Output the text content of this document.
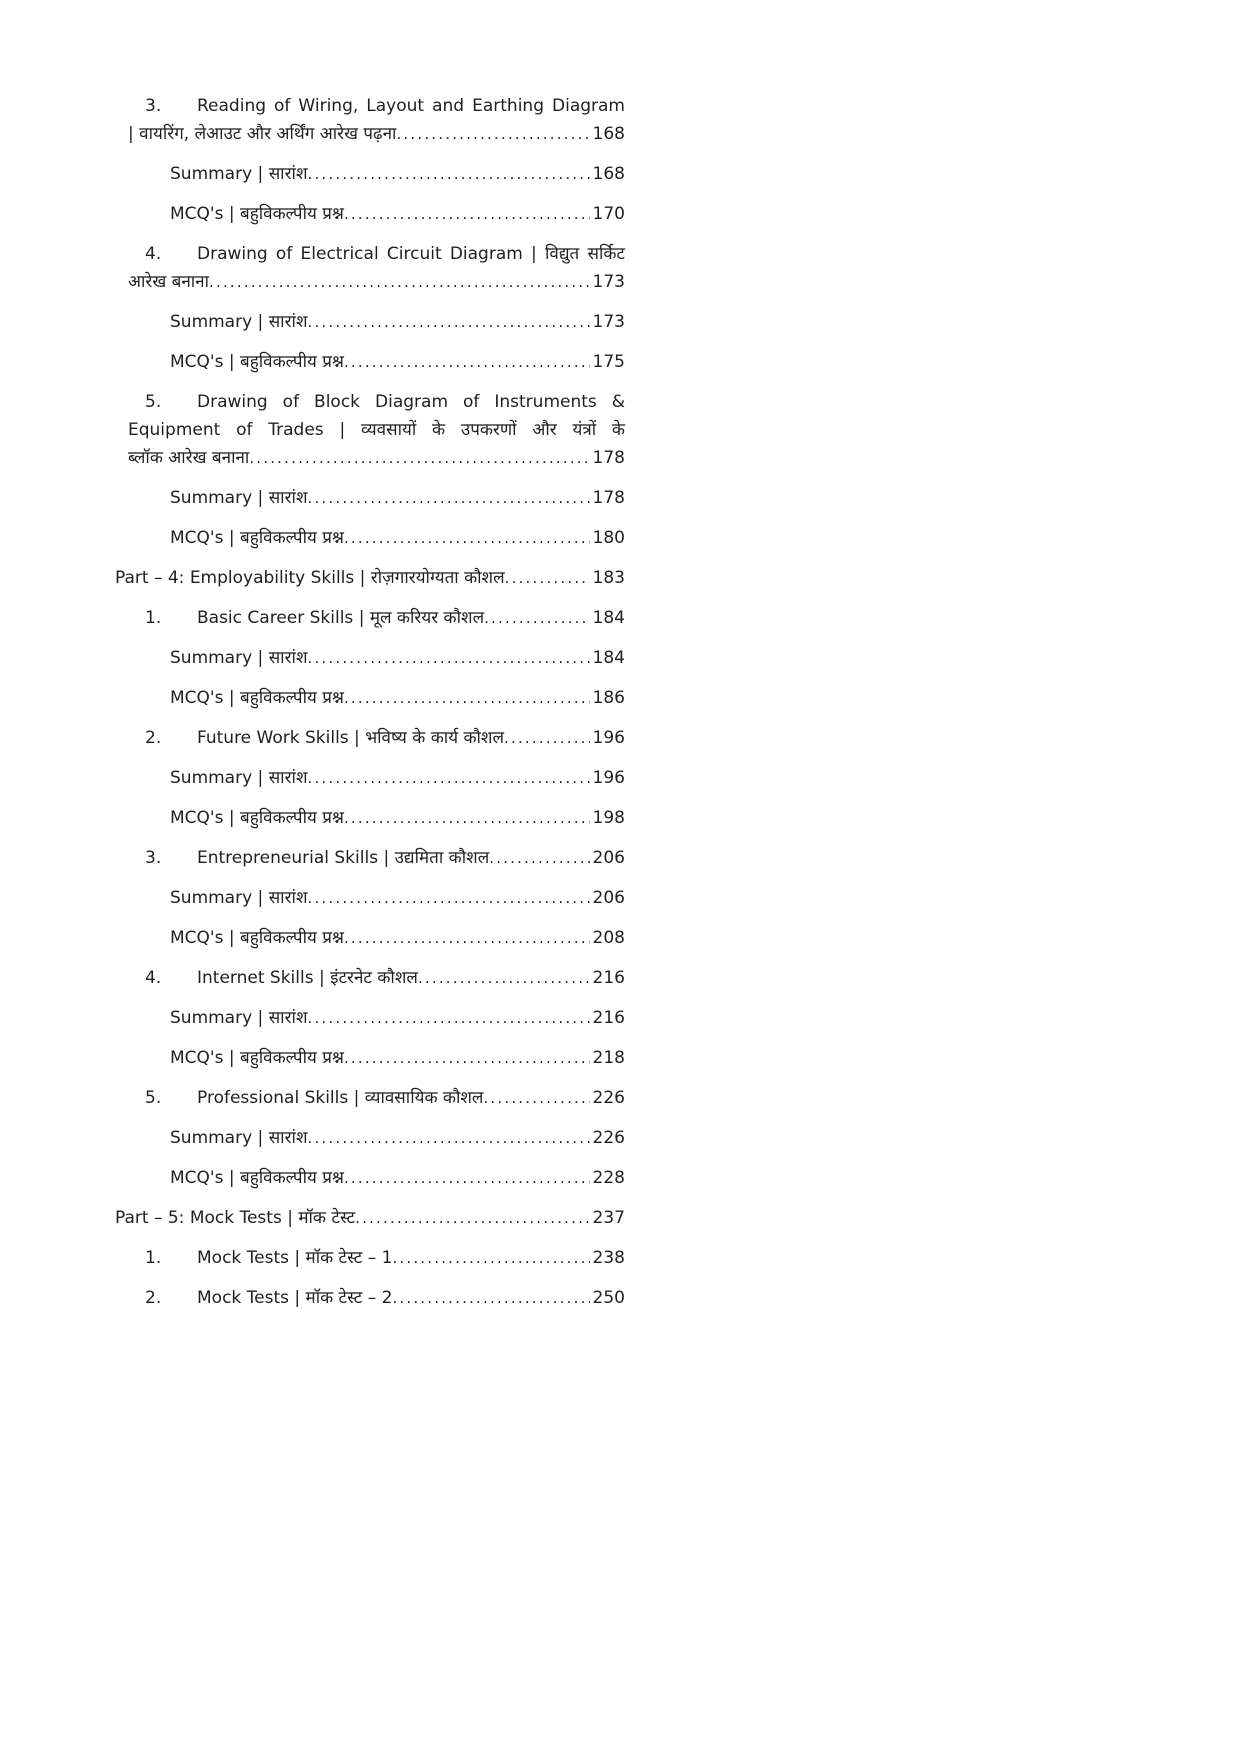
3. Reading of Wiring, Layout and Earthing Diagram
| वायरिंग, लेआउट और अर्थिंग आरेख पढ़ना .....	168
Summary | सारांश .....	168
MCQ's | बहुविकल्पीय प्रश्न .....	170
4. Drawing of Electrical Circuit Diagram | विद्युत सर्किट
आरेख बनाना .....	173
Summary | सारांश .....	173
MCQ's | बहुविकल्पीय प्रश्न .....	175
5. Drawing of Block Diagram of Instruments &
Equipment of Trades | व्यवसायों के उपकरणों और यंत्रों के
ब्लॉक आरेख बनाना .....	178
Summary | सारांश .....	178
MCQ's | बहुविकल्पीय प्रश्न .....	180
Part – 4: Employability Skills | रोज़गारयोग्यता कौशल .....	183
1.	Basic Career Skills | मूल करियर कौशल .....	184
Summary | सारांश .....	184
MCQ's | बहुविकल्पीय प्रश्न .....	186
2.	Future Work Skills | भविष्य के कार्य कौशल .....	196
Summary | सारांश .....	196
MCQ's | बहुविकल्पीय प्रश्न .....	198
3.	Entrepreneurial Skills | उद्यमिता कौशल .....	206
Summary | सारांश .....	206
MCQ's | बहुविकल्पीय प्रश्न .....	208
4.	Internet Skills | इंटरनेट कौशल .....	216
Summary | सारांश .....	216
MCQ's | बहुविकल्पीय प्रश्न .....	218
5.	Professional Skills | व्यावसायिक कौशल .....	226
Summary | सारांश .....	226
MCQ's | बहुविकल्पीय प्रश्न .....	228
Part – 5: Mock Tests | मॉक टेस्ट .....	237
1.	Mock Tests | मॉक टेस्ट – 1 .....	238
2.	Mock Tests | मॉक टेस्ट – 2 .....	250
